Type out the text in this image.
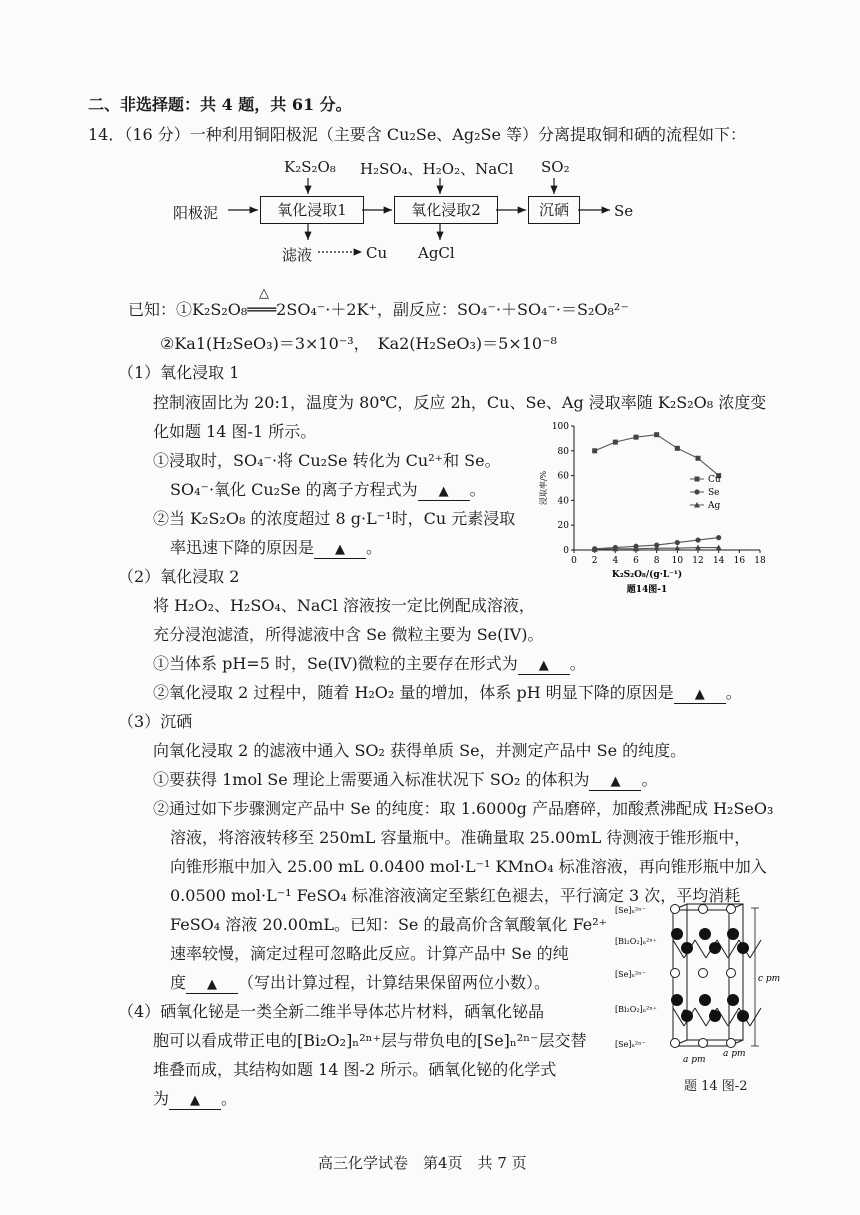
二、非选择题：共 4 题，共 61 分。
14．（16 分）一种利用铜阳极泥（主要含 Cu₂Se、Ag₂Se 等）分离提取铜和硒的流程如下：
K₂S₂O₈ H₂SO₄、H₂O₂、NaCl SO₂
阳极泥	氧化浸取1	氧化浸取2	沉硒	Se
滤液	Cu AgCl
已知：①K₂S₂O₈═══2SO₄⁻·＋2K⁺，副反应：SO₄⁻·＋SO₄⁻·＝S₂O₈²⁻
△
②Ka1(H₂SeO₃)＝3×10⁻³，　Ka2(H₂SeO₃)＝5×10⁻⁸
（1）氧化浸取 1
控制液固比为 20:1，温度为 80℃，反应 2h，Cu、Se、Ag 浸取率随 K₂S₂O₈ 浓度变
化如题 14 图-1 所示。
①浸取时，SO₄⁻·将 Cu₂Se 转化为 Cu²⁺和 Se。
SO₄⁻·氧化 Cu₂Se 的离子方程式为 ▲ 。
②当 K₂S₂O₈ 的浓度超过 8 g·L⁻¹时，Cu 元素浸取
率迅速下降的原因是 ▲ 。
0 2 4 6 8 10 12 14 16 18
0
20
40
60
80
100
浸取率/%
K₂S₂O₈/(g·L⁻¹)
题14图-1
Cu
Se
Ag
（2）氧化浸取 2
将 H₂O₂、H₂SO₄、NaCl 溶液按一定比例配成溶液，
充分浸泡滤渣，所得滤液中含 Se 微粒主要为 Se(IV)。
①当体系 pH=5 时，Se(IV)微粒的主要存在形式为 ▲ 。
②氧化浸取 2 过程中，随着 H₂O₂ 量的增加，体系 pH 明显下降的原因是 ▲ 。
（3）沉硒
向氧化浸取 2 的滤液中通入 SO₂ 获得单质 Se，并测定产品中 Se 的纯度。
①要获得 1mol Se 理论上需要通入标准状况下 SO₂ 的体积为 ▲ 。
②通过如下步骤测定产品中 Se 的纯度：取 1.6000g 产品磨碎，加酸煮沸配成 H₂SeO₃
溶液，将溶液转移至 250mL 容量瓶中。准确量取 25.00mL 待测液于锥形瓶中，
向锥形瓶中加入 25.00 mL 0.0400 mol·L⁻¹ KMnO₄ 标准溶液，再向锥形瓶中加入
0.0500 mol·L⁻¹ FeSO₄ 标准溶液滴定至紫红色褪去，平行滴定 3 次，平均消耗
FeSO₄ 溶液 20.00mL。已知：Se 的最高价含氧酸氧化 Fe²⁺
速率较慢，滴定过程可忽略此反应。计算产品中 Se 的纯
度 ▲ （写出计算过程，计算结果保留两位小数）。
（4）硒氧化铋是一类全新二维半导体芯片材料，硒氧化铋晶
胞可以看成带正电的[Bi₂O₂]ₙ²ⁿ⁺层与带负电的[Se]ₙ²ⁿ⁻层交替
堆叠而成，其结构如题 14 图-2 所示。硒氧化铋的化学式
为 ▲ 。
[Se]ₙ²ⁿ⁻
[Bi₂O₂]ₙ²ⁿ⁺
[Se]ₙ²ⁿ⁻
[Bi₂O₂]ₙ²ⁿ⁺
[Se]ₙ²ⁿ⁻
c pm
a pm
a pm
题 14 图-2
高三化学试卷　第4页　共 7 页
